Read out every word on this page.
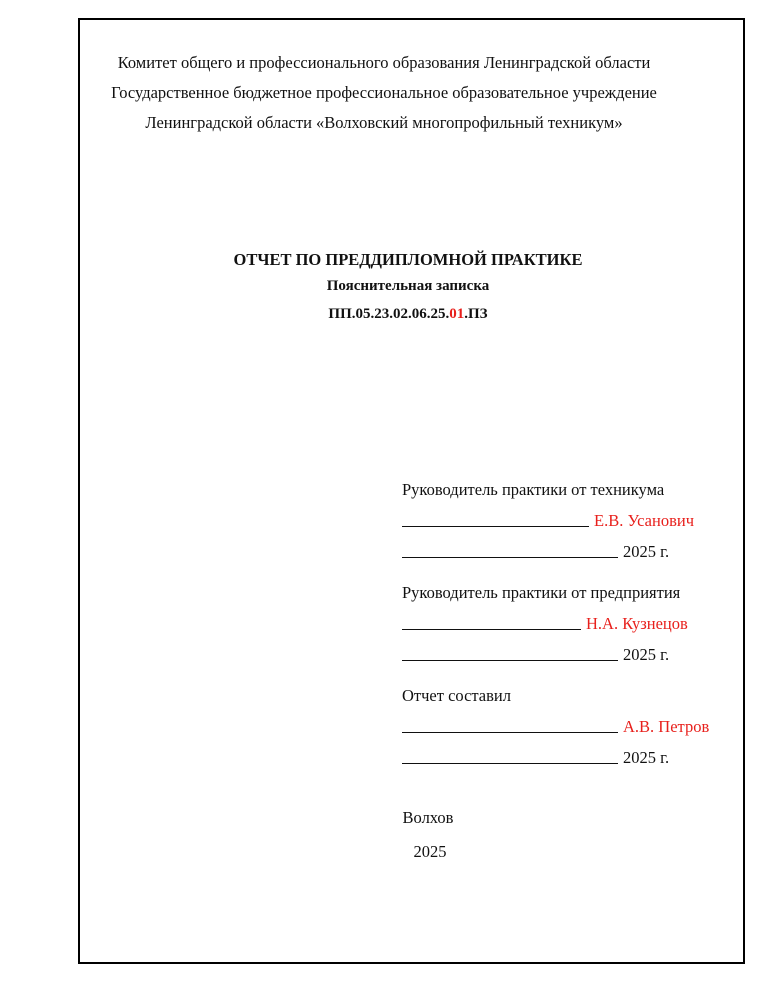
Комитет общего и профессионального образования Ленинградской области
Государственное бюджетное профессиональное образовательное учреждение
Ленинградской области «Волховский многопрофильный техникум»
ОТЧЕТ ПО ПРЕДДИПЛОМНОЙ ПРАКТИКЕ
Пояснительная записка
ПП.05.23.02.06.25.01.ПЗ
Руководитель практики от техникума
Е.В. Усанович
2025 г.
Руководитель практики от предприятия
Н.А. Кузнецов
2025 г.
Отчет составил
А.В. Петров
2025 г.
Волхов
2025
